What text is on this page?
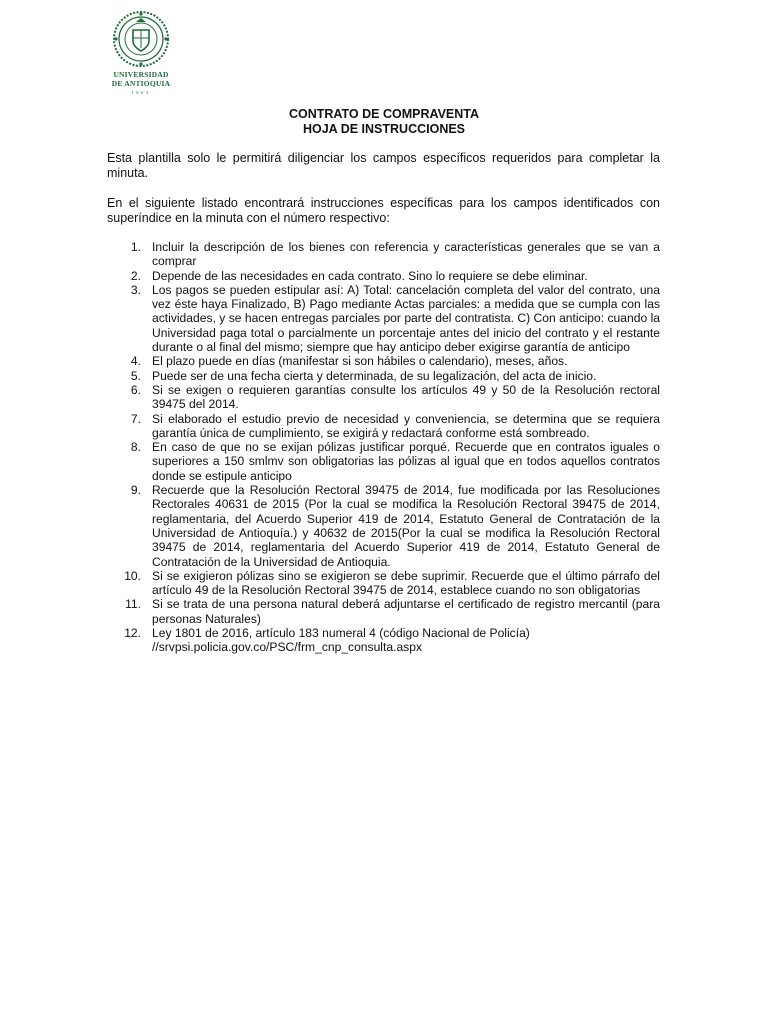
UNIVERSIDAD
DE ANTIOQUIA
1803
CONTRATO DE COMPRAVENTA
HOJA DE INSTRUCCIONES
Esta plantilla solo le permitirá diligenciar los campos específicos requeridos para completar la minuta.
En el siguiente listado encontrará instrucciones específicas para los campos identificados con superíndice en la minuta con el número respectivo:
1. Incluir la descripción de los bienes con referencia y características generales que se van a comprar
2. Depende de las necesidades en cada contrato. Sino lo requiere se debe eliminar.
3. Los pagos se pueden estipular así: A) Total: cancelación completa del valor del contrato, una vez éste haya Finalizado, B) Pago mediante Actas parciales: a medida que se cumpla con las actividades, y se hacen entregas parciales por parte del contratista. C) Con anticipo: cuando la Universidad paga total o parcialmente un porcentaje antes del inicio del contrato y el restante durante o al final del mismo; siempre que hay anticipo deber exigirse garantía de anticipo
4. El plazo puede en días (manifestar si son hábiles o calendario), meses, años.
5. Puede ser de una fecha cierta y determinada, de su legalización, del acta de inicio.
6. Si se exigen o requieren garantías consulte los artículos 49 y 50 de la Resolución rectoral 39475 del 2014.
7. Si elaborado el estudio previo de necesidad y conveniencia, se determina que se requiera garantía única de cumplimiento, se exigirá y redactará conforme está sombreado.
8. En caso de que no se exijan pólizas justificar porqué. Recuerde que en contratos iguales o superiores a 150 smlmv son obligatorias las pólizas al igual que en todos aquellos contratos donde se estipule anticipo
9. Recuerde que la Resolución Rectoral 39475 de 2014, fue modificada por las Resoluciones Rectorales 40631 de 2015 (Por la cual se modifica la Resolución Rectoral 39475 de 2014, reglamentaria, del Acuerdo Superior 419 de 2014, Estatuto General de Contratación de la Universidad de Antioquía.) y 40632 de 2015(Por la cual se modifica la Resolución Rectoral 39475 de 2014, reglamentaria del Acuerdo Superior 419 de 2014, Estatuto General de Contratación de la Universidad de Antioquia.
10. Si se exigieron pólizas sino se exigieron se debe suprimir. Recuerde que el último párrafo del artículo 49 de la Resolución Rectoral 39475 de 2014, establece cuando no son obligatorias
11. Si se trata de una persona natural deberá adjuntarse el certificado de registro mercantil (para personas Naturales)
12. Ley 1801 de 2016, artículo 183 numeral 4 (código Nacional de Policía)
//srvpsi.policia.gov.co/PSC/frm_cnp_consulta.aspx
